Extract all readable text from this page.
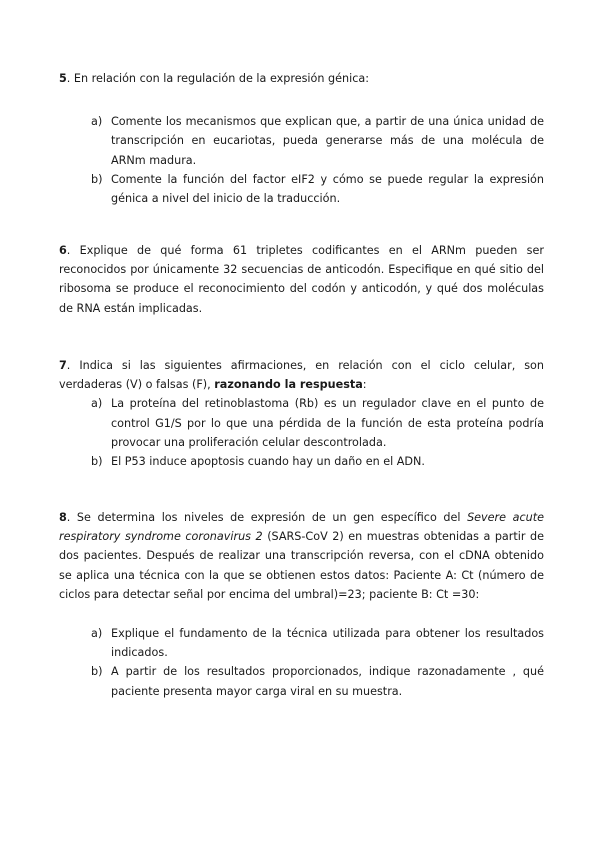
5. En relación con la regulación de la expresión génica:

a) Comente los mecanismos que explican que, a partir de una única unidad de transcripción en eucariotas, pueda generarse más de una molécula de ARNm madura.
b) Comente la función del factor eIF2 y cómo se puede regular la expresión génica a nivel del inicio de la traducción.

6. Explique de qué forma 61 tripletes codificantes en el ARNm pueden ser reconocidos por únicamente 32 secuencias de anticodón. Especifique en qué sitio del ribosoma se produce el reconocimiento del codón y anticodón, y qué dos moléculas de RNA están implicadas.

7. Indica si las siguientes afirmaciones, en relación con el ciclo celular, son verdaderas (V) o falsas (F), razonando la respuesta:

a) La proteína del retinoblastoma (Rb) es un regulador clave en el punto de control G1/S por lo que una pérdida de la función de esta proteína podría provocar una proliferación celular descontrolada.
b) El P53 induce apoptosis cuando hay un daño en el ADN.

8. Se determina los niveles de expresión de un gen específico del Severe acute respiratory syndrome coronavirus 2 (SARS-CoV 2) en muestras obtenidas a partir de dos pacientes. Después de realizar una transcripción reversa, con el cDNA obtenido se aplica una técnica con la que se obtienen estos datos: Paciente A: Ct (número de ciclos para detectar señal por encima del umbral)=23; paciente B: Ct =30:

a) Explique el fundamento de la técnica utilizada para obtener los resultados indicados.
b) A partir de los resultados proporcionados, indique razonadamente , qué paciente presenta mayor carga viral en su muestra.
